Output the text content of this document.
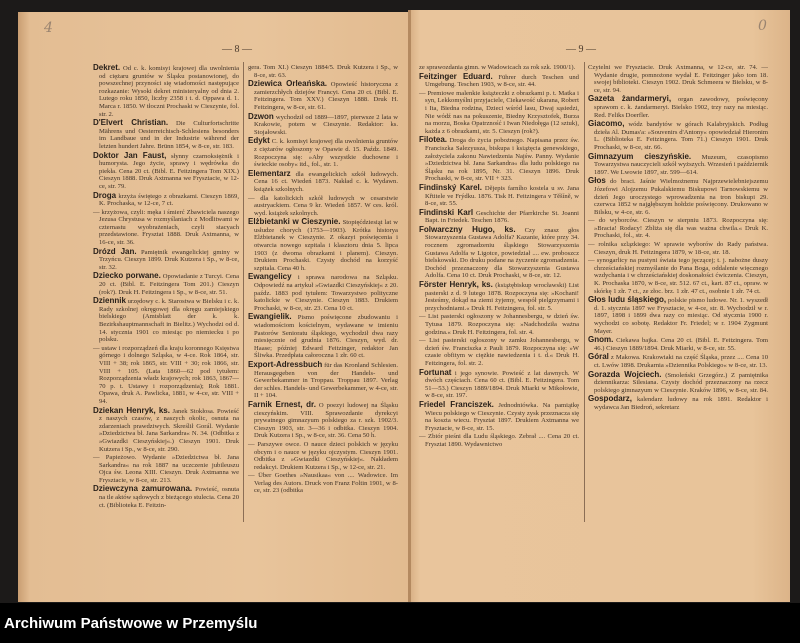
4	0
— 8 —	— 9 —
Dekret. Od c. k. komisyi krajowej dla uwolnienia od ciężaru gruntów w Śląsku postanowionej, do powszechnej przyności się wiadomości następujące rozkazanie: Wysoki dekret ministeryalny od dnia 2. Lutego roku 1850, liczby 2358 i t. d. Oppawa d. 1. Marca r. 1850. W tłoczni Prochaski w Cieszynie, fol. str. 2.
D'Elvert Christian. Die Culturfortschritte Mährens und Oesterreichisch-Schlesiens besonders im Landbaue und in der Industrie während der letzten hundert Jahre. Brünn 1854, w 8-ce, str. 183.
Doktor Jan Faust, słynny czarnoksiężnik i humorysta. Jego życie, sprawy i wędrówka do piekła. Cena 20 ct. (Bibl. E. Feitzingera Tom XIX.) Cieszyn 1888. Druk Axtmanna we Frysztacie, w 12-ce, str. 79.
Droga krzyża świętego z obrazkami. Cieszyn 1869, K. Prochaska, w 12-ce, 7 ct.
— krzyżowa, czyli: męka i śmierć Zbawiciela naszego Jezusa Chrystusa w rozmyślaniach z Modlitwami w czternastu wyobrażeniach, czyli stacyach przedstawione. Frysztat 1888. Druk Axtmanna, w 16-ce, str. 36.
Drózd Jan. Pamiętnik ewangelickiej gminy w Trzyńcu. Cieszyn 1899. Druk Kutzera i Sp., w 8-ce, str. 32.
Dziecko porwane. Opowiadanie z Turcyi. Cena 20 ct. (Bibl. E. Feitzingera Tom 201.) Cieszyn (rok?). Druk H. Feitzingera i Sp., w 8-ce, str. 51.
Dziennik urzędowy c. k. Starostwa w Bielsku i c. k. Rady szkolnej okręgowej dla okręgu zamiejskiego bielskiego (Amtsblatt der k. k. Bezirkshauptmannschaft in Bielitz.) Wychodzi od d. 14. stycznia 1901 co miesiąc po niemiecku i po polsku.
— ustaw i rozporządzeń dla kraju koronnego Księstwa górnego i dolnego Szląska, w 4-ce. Rok 1864, str. VIII + 38; rok 1865, str. VIII + 30; rok 1866, str. VIII + 105. (Lata 1860—62 pod tytułem: Rozporządzenia władz krajowych; rok 1863, 1867—70 p. t. Ustawy i rozporządzenia); Rok 1881. Opawa, druk A. Pawlicka, 1881, w 4-ce, str. VIII + 94.
Dziekan Henryk, ks. Janek Stokłosa. Powieść z naszych czasów, z naszych okolic, osnuta na zdarzeniach prawdziwych. Skreślił Gorál. Wydanie »Dziedzictwa bł. Jana Sarkandra« N. 34. (Odbitka z »Gwiazdki Cieszyńskiej«.) Cieszyn 1901. Druk Kutzera i Sp., w 8-ce, str. 290.
— Papieżowo. Wydanie »Dziedzictwa bł. Jana Sarkandra« na rok 1887 na uczczenie jubileuszu Ojca św. Leona XIII. Cieszyn. Druk Axtmanna we Frysztacie, w 8-ce, str. 213.
Dziewczyna zamurowana. Powieść, osnuta na tle aktów sądowych z bieżącego stulecia. Cena 20 ct. (Biblioteka E. Feitzin-
gera. Tom XI.) Cieszyn 1884/5. Druk Kutzera i Sp., w 8-ce, str. 63.
Dziewica Orleańska. Opowieść historyczna z zamierzchłych dziejów Francyi. Cena 20 ct. (Bibl. E. Feitzingera. Tom XXV.) Cieszyn 1888. Druk H. Feitzingera, w 8-ce, str. 61.
Dzwon wychodził od 1889—1897, pierwsze 2 lata w Krakowie, potem w Cieszynie. Redaktor: ks. Stojałowski.
Edykt C. k. komisyi krajowej dla uwolnienia gruntów z ciężarów ogłoszony w Opawie d. 15. Paźdz. 1849. Rozpoczyna się: »Aby wszystkie duchowne i świeckie osoby« itd., fol., str. 1.
Elementarz dla ewangelickich szkół ludowych. Cena 16 ct. Wiedeń 1873. Nakład c. k. Wydawn. książek szkolnych.
— dla katolickich szkół ludowych w cesarstwie austryackiem. Cena 9 kr. Wiedeń 1857. W ces. król. wyd. książek szkolnych.
Elżbietanki w Cieszynie. Stopięćdziesiąt lat w usłudze chorych (1753—1903). Krótka historya Elżbietanek w Cieszynie. Z okazyi poświęcenia i otwarcia nowego szpitala i klasztoru dnia 5. lipca 1903 (z dwoma obrazkami i planem). Cieszyn. Drukiem Prochaski. Czysty dochód na korzyść szpitala. Cena 40 h.
Ewangelicy i sprawa narodowa na Szląsku. Odpowiedź na artykuł »Gwiazdki Cieszyńskiej« z 20. paźdz. 1883 pod tytułem: Towarzystwo polityczne katolickie w Cieszynie. Cieszyn 1883. Drukiem Prochaski, w 8-ce, str. 23. Cena 10 ct.
Ewangielik. Pismo poświęcone zbudowaniu i wiadomościom kościelnym, wydawane w imieniu Pastorów Senioratu śląskiego, wychodził dwa razy miesięcznie od grudnia 1876. Cieszyn, wyd. dr. Haase; później Edward Feitzinger, redaktor Jan Śliwka. Przedpłata całoroczna 1 złr. 60 ct.
Export-Adressbuch für das Kronland Schlesien. Herausgegeben von der Handels- und Gewerbekammer in Troppau. Troppau 1897. Verlag der schles. Handels- und Gewerbekammer, w 4-ce, str. II + 104.
Farnik Ernest, dr. O poezyi ludowej na Śląsku cieszyńskim. VIII. Sprawozdanie dyrekcyi prywatnego gimnazyum polskiego za r. szk. 1902/3. Cieszyn 1903, str. 3—36 i odbitka. Cieszyn 1904. Druk Kutzera i Sp., w 8-ce, str. 36. Cena 50 h.
— Parszywe owce. O nauce dzieci polskich w języku obcym i o nauce w języku ojczystym. Cieszyn 1901. Odbitka z »Gwiazdki Cieszyńskiej«. Nakładem redakcyi. Drukiem Kutzera i Sp., w 12-ce, str. 21.
— Über Goethes »Nausikaa« von .... Wadowice. Im Verlag des Autors. Druck von Franz Foltin 1901, w 8-ce, str. 23 (odbitka
ze sprawozdania gimn. w Wadowicach za rok szk. 1900/1).
Feitzinger Eduard. Führer durch Teschen und Umgebung. Teschen 1903, w 8-ce, str. 44.
— Premiowe malenkie książeczki z obrazkami p. t. Matka i syn, Lekkomyślni przyjaciele, Ciekawość ukarana, Robert i Ita, Biedna rodzina, Dzieci wśród lasu, Dwaj sąsiedzi, Nie wódź nas na pokuszenie, Biedny Krzysztofek, Burza na morzu, Boska Opatrzność i Iwan Niedołęga (12 sztuk), każda z 6 obrazkami, str. 5. Cieszyn (rok?).
Filotea. Droga do życia pobożnego. Napisana przez św. Franciszka Salezyusza, biskupa i książęcia genewskiego, założyciela zakonu Nawiedzenia Najśw. Panny. Wydanie »Dziedzictwa bł. Jana Sarkandra« dla ludu polskiego na Śląsku na rok 1895, Nr. 31. Cieszyn 1896. Druk Prochaski, w 8-ce, str. VII + 323.
Findinský Karel. Dějepis farního kostela u sv. Jana Křtitele ve Frýdku. 1876. Tisk H. Feitzingera v Těšíně, w 8-ce, str. 55.
Findinski Karl Geschichte der Pfarrkirche St. Joanni Bapt. in Friedek. Teschen 1876.
Folwarczny Hugo, ks. Czy znasz głos Stowarzyszenia Gustawa Adolfa? Kazanie, które przy 34. rocznem zgromadzeniu śląskiego Stowarzyszenia Gustawa Adolfa w Ligotce, powiedział .... ew. proboszcz bielskowski. Do druku podane na życzenie zgromadzenia. Dochód przeznaczony dla Stowarzyszenia Gustawa Adolfa. Cena 10 ct. Druk Prochaski, w 8-ce, str. 12.
Förster Henryk, ks. (książębiskup wrocławski) List pasterski z d. 9 lutego 1878. Rozpoczyna się: »Kochani! Jesteśmy, dokąd na ziemi żyjemy, wespół pielgrzymami i przychodniami.« Druk H. Feitzingera, fol. str. 5.
— List pasterski ogłoszony w Johannesbergu, w dzień św. Tytusa 1879. Rozpoczyna się: »Nadchodziła ważna godzina.« Druk H. Feitzingera, fol. str. 4.
— List pasterski ogłoszony w zamku Johannesbergu, w dzień św. Franciszka z Pauli 1879. Rozpoczyna się: »W czasie obfitym w ciężkie nawiedzenia i t. d.« Druk H. Feitzingera, fol. str. 2.
Fortunat i jego synowie. Powieść z lat dawnych. W dwóch częściach. Cena 60 ct. (Bibl. E. Feitzingera. Tom 51—53.) Cieszyn 1889/1894. Druk Miarki w Mikołowie, w 8-ce, str. 197.
Friedel Franciszek. Jednodniówka. Na pamiątkę Wiecu polskiego w Cieszynie. Czysty zysk przeznacza się na koszta wiecu. Frysztat 1897. Drukiem Axtmanna we Frysztacie, w 8-ce, str. 15.
— Zbiór pieśni dla Ludu śląskiego. Zebrał .... Cena 20 ct. Frysztat 1890. Wydawnictwo
Czytelni we Frysztacie. Druk Axtmanna, w 12-ce, str. 74. — Wydanie drugie, pomnożone wydał E. Feitzinger jako tom 18. swojej biblioteki. Cieszyn 1902. Druk Schmeera w Bielsku, w 8-ce, str. 94.
Gazeta żandarmeryi, organ zawodowy, poświęcony sprawom c. k. żandarmeryi. Bielsko 1902, trzy razy na miesiąc. Red. Feliks Doerfler.
Giacomo, wódz bandytów w górach Kalabryjskich. Podług dzieła Al. Dumas'a: »Souvenirs d'Antony« opowiedział Hieronim L. (Biblioteka E. Feitzingera. Tom 71.) Cieszyn 1901. Druk Prochaski, w 8-ce, str. 66.
Gimnazyum cieszyńskie. Muzeum, czasopismo Towarzystwa nauczycieli szkół wyższych. Wrzesień i październik 1897. We Lwowie 1897, str. 599—614.
Głos do braci. Jaśnie Wielmożnemu Najprzewielebniejszemu Józefowi Alojzemu Pukalskiemu Biskupowi Tarnowskiemu w dzień Jego uroczystego wprowadzenia na tron biskupi 29. czerwca 1852 w najgłębszym hołdzie poświęcony. Drukowano w Bilsku, w 4-ce, str. 6.
— do wyborców. Cieszyn w sierpniu 1873. Rozpoczyna się: »Bracia! Rodacy! Zbliża się dla was ważna chwila.« Druk K. Prochaski, fol., str. 4.
— rolnika szlązkiego: W sprawie wyborów do Rady państwa. Cieszyn, druk H. Feitzingera 1879, w 18-ce, str. 18.
— synogarlicy na pustyni świata tego jęczącej; t. j. nabożne duszy chrześciańskiej rozmyślanie do Pana Boga, oddalenie więcznego wzdychania i w chrześciańskiej doskonałości ćwiczenia. Cieszyn, K. Prochaska 1870, w 8-ce, str. 512. 67 ct., kart. 87 ct., opraw. w skórkę 1 złr. 7 ct., ze złoc. brz. 1 złr. 47 ct., osobnie 1 złr. 74 ct.
Głos ludu śląskiego, polskie pismo ludowe. Nr. 1. wyszedł d. 1. stycznia 1897 we Frysztacie, w 4-ce, str. 8. Wychodził w r. 1897, 1898 i 1899 dwa razy co miesiąc. Od stycznia 1900 r. wychodzi co sobotę. Redaktor Fr. Friedel; w r. 1904 Zygmunt Mayer.
Gnom. Ciekawa bajka. Cena 20 ct. (Bibl. E. Feitzingera. Tom 46.) Cieszyn 1889/1894. Druk Miarki, w 8-ce, str. 55.
Góral z Makowa. Krakowiaki na część Śląska, przez .... Cena 10 ct. Lwów 1898. Drukarnia »Dziennika Polskiego« w 8-ce, str. 13.
Gorazda Wojciech. (Smoleński Grzegórz.) Z pamiętnika dziennikarza: Silesiana. Czysty dochód przeznaczony na rzecz polskiego gimnazyum w Cieszynie. Kraków 1896, w 8-ce, str. 84.
Gospodarz, kalendarz ludowy na rok 1891. Redaktor i wydawca Jan Biedroń, sekretarz
Archiwum Państwowe w Przemyślu
